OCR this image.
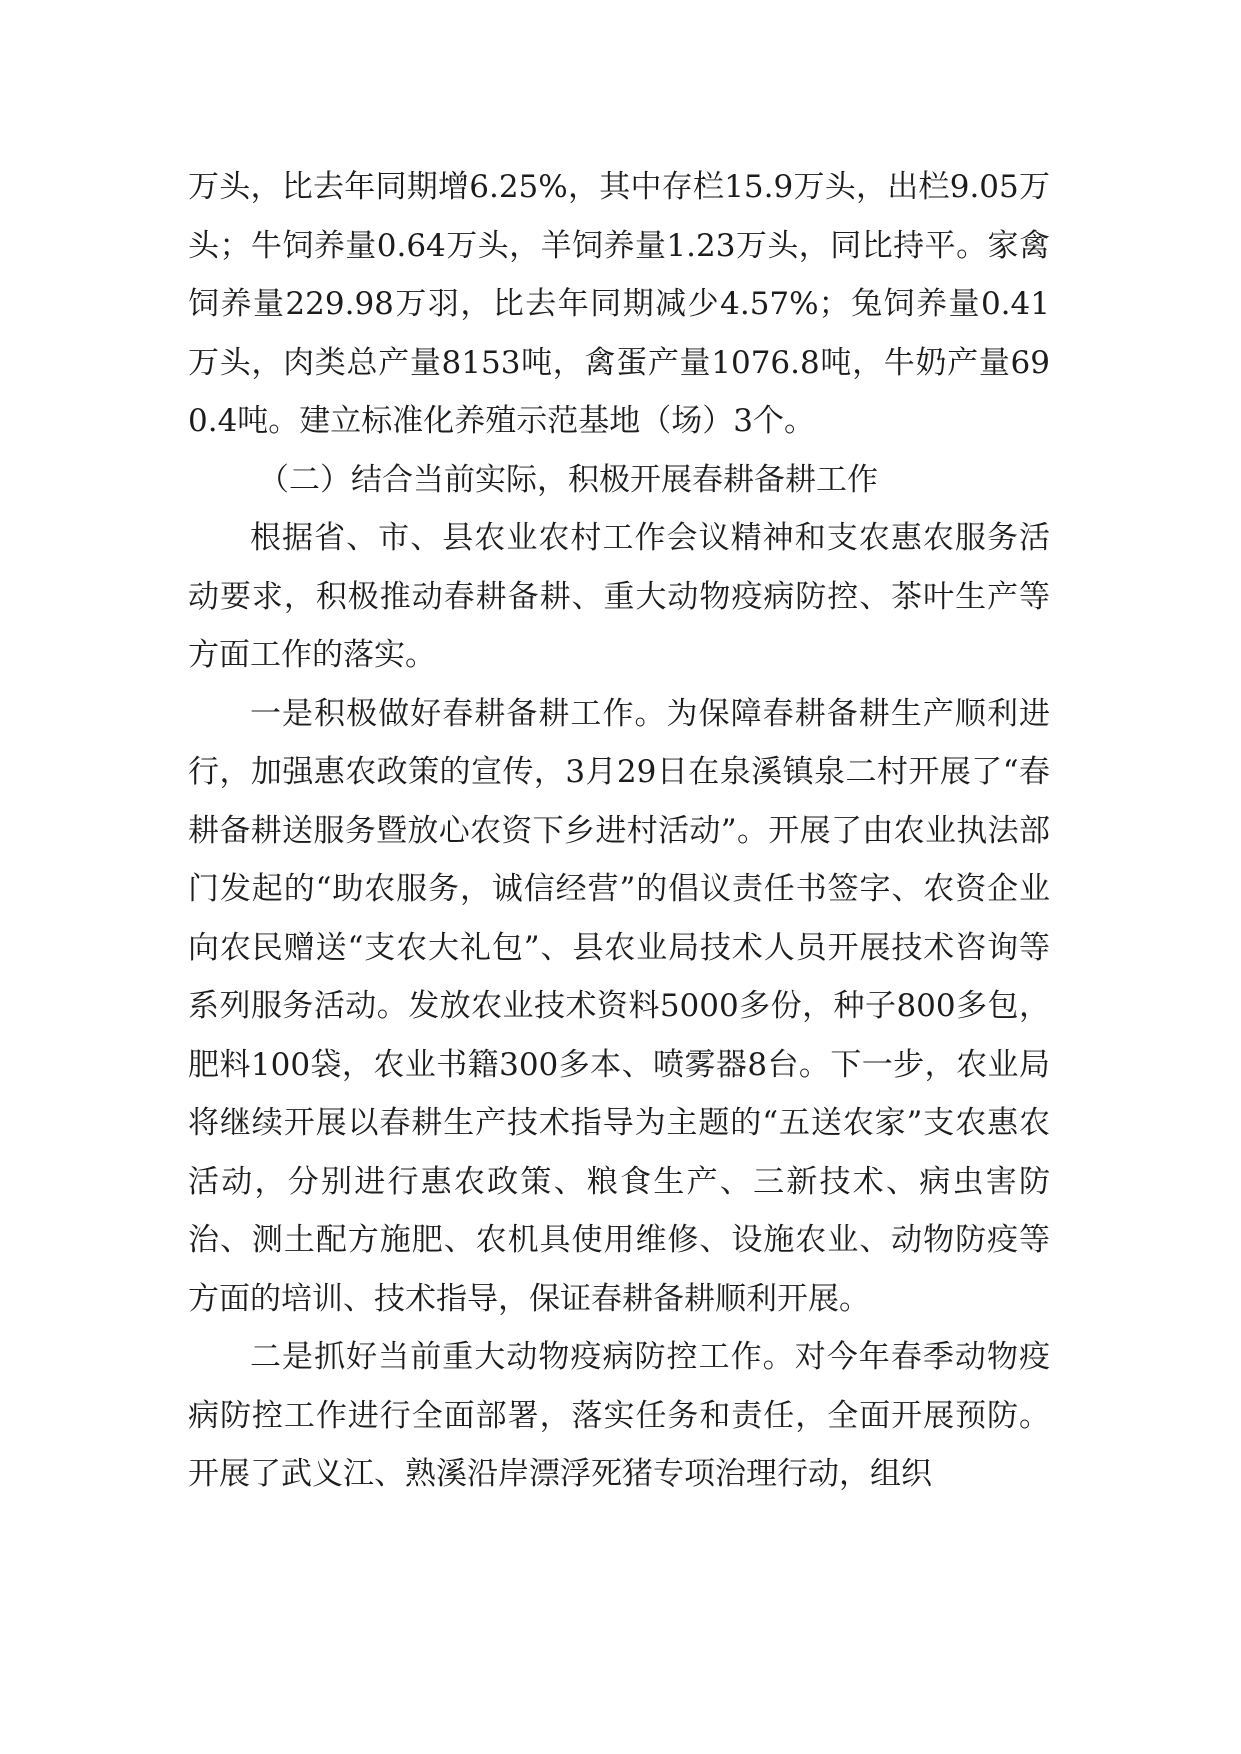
万头，比去年同期增6.25%，其中存栏15.9万头，出栏9.05万头；牛饲养量0.64万头，羊饲养量1.23万头，同比持平。家禽饲养量229.98万羽，比去年同期减少4.57%；兔饲养量0.41万头，肉类总产量8153吨，禽蛋产量1076.8吨，牛奶产量690.4吨。建立标准化养殖示范基地（场）3个。

（二）结合当前实际，积极开展春耕备耕工作

根据省、市、县农业农村工作会议精神和支农惠农服务活动要求，积极推动春耕备耕、重大动物疫病防控、茶叶生产等方面工作的落实。

一是积极做好春耕备耕工作。为保障春耕备耕生产顺利进行，加强惠农政策的宣传，3月29日在泉溪镇泉二村开展了“春耕备耕送服务暨放心农资下乡进村活动”。开展了由农业执法部门发起的“助农服务，诚信经营”的倡议责任书签字、农资企业向农民赠送“支农大礼包”、县农业局技术人员开展技术咨询等系列服务活动。发放农业技术资料5000多份，种子800多包，肥料100袋，农业书籍300多本、喷雾器8台。下一步，农业局将继续开展以春耕生产技术指导为主题的“五送农家”支农惠农活动，分别进行惠农政策、粮食生产、三新技术、病虫害防治、测土配方施肥、农机具使用维修、设施农业、动物防疫等方面的培训、技术指导，保证春耕备耕顺利开展。

二是抓好当前重大动物疫病防控工作。对今年春季动物疫病防控工作进行全面部署，落实任务和责任，全面开展预防。开展了武义江、熟溪沿岸漂浮死猪专项治理行动，组织
